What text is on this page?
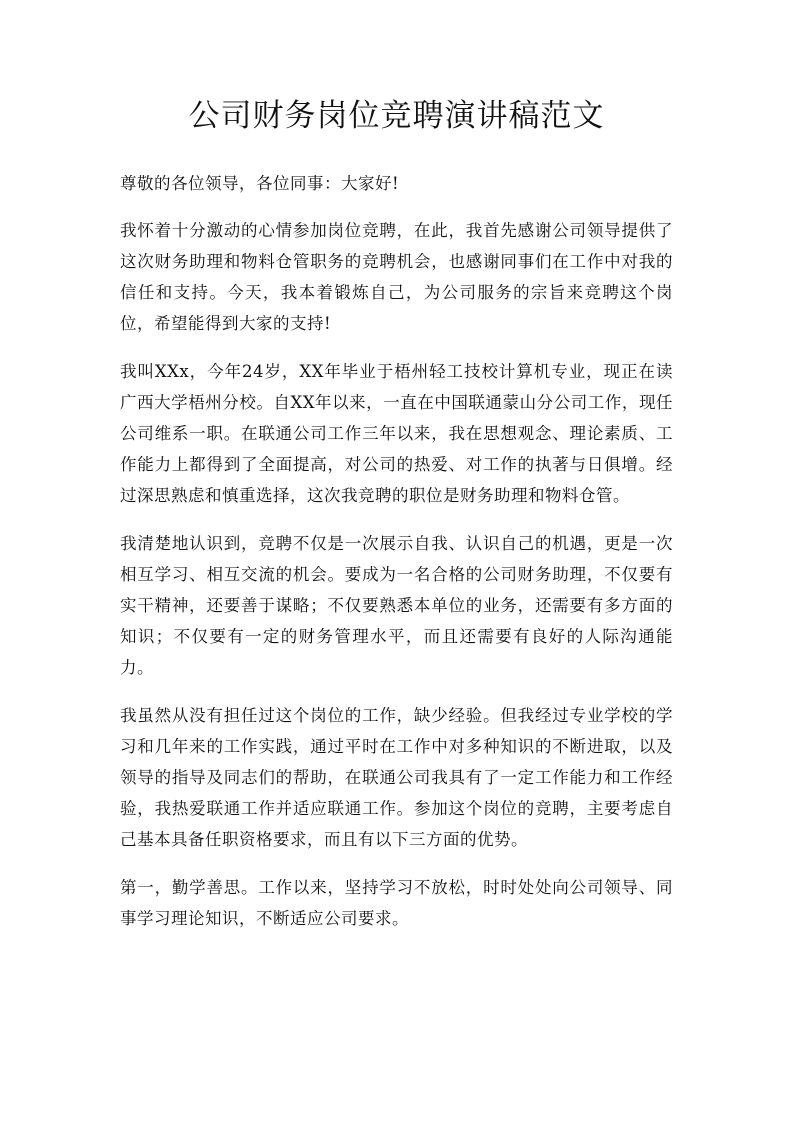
公司财务岗位竞聘演讲稿范文

尊敬的各位领导，各位同事：大家好!

我怀着十分激动的心情参加岗位竞聘，在此，我首先感谢公司领导提供了这次财务助理和物料仓管职务的竞聘机会，也感谢同事们在工作中对我的信任和支持。今天，我本着锻炼自己，为公司服务的宗旨来竞聘这个岗位，希望能得到大家的支持!

我叫XXx，今年24岁，XX年毕业于梧州轻工技校计算机专业，现正在读广西大学梧州分校。自XX年以来，一直在中国联通蒙山分公司工作，现任公司维系一职。在联通公司工作三年以来，我在思想观念、理论素质、工作能力上都得到了全面提高，对公司的热爱、对工作的执著与日俱增。经过深思熟虑和慎重选择，这次我竞聘的职位是财务助理和物料仓管。

我清楚地认识到，竞聘不仅是一次展示自我、认识自己的机遇，更是一次相互学习、相互交流的机会。要成为一名合格的公司财务助理，不仅要有实干精神，还要善于谋略；不仅要熟悉本单位的业务，还需要有多方面的知识；不仅要有一定的财务管理水平，而且还需要有良好的人际沟通能力。

我虽然从没有担任过这个岗位的工作，缺少经验。但我经过专业学校的学习和几年来的工作实践，通过平时在工作中对多种知识的不断进取，以及领导的指导及同志们的帮助，在联通公司我具有了一定工作能力和工作经验，我热爱联通工作并适应联通工作。参加这个岗位的竞聘，主要考虑自己基本具备任职资格要求，而且有以下三方面的优势。

第一，勤学善思。工作以来，坚持学习不放松，时时处处向公司领导、同事学习理论知识，不断适应公司要求。
